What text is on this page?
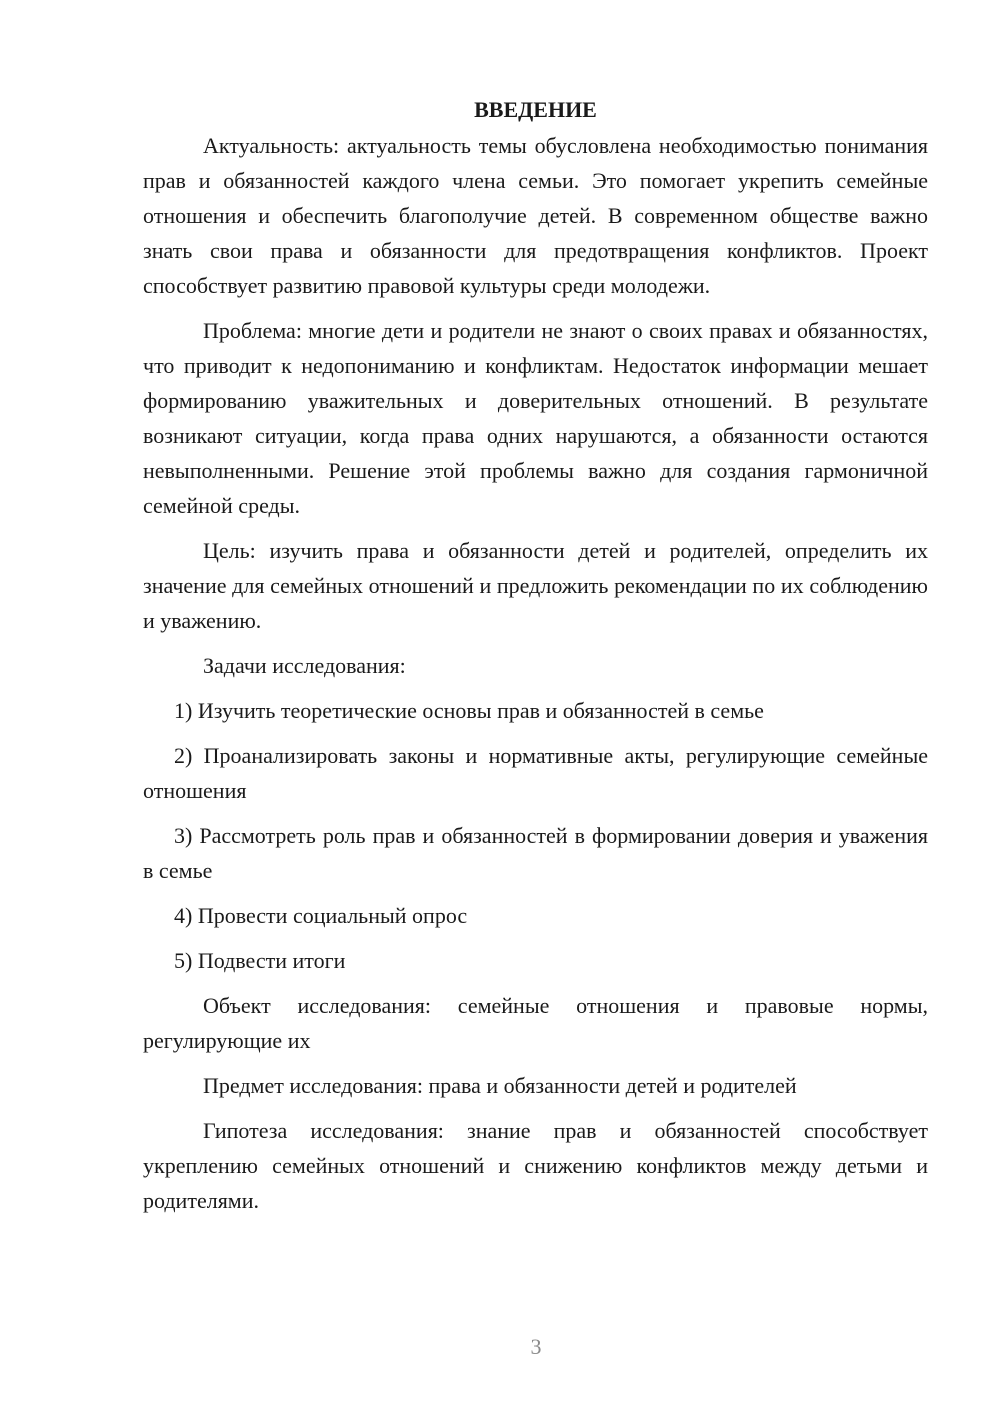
ВВЕДЕНИЕ

Актуальность: актуальность темы обусловлена необходимостью понимания прав и обязанностей каждого члена семьи. Это помогает укрепить семейные отношения и обеспечить благополучие детей. В современном обществе важно знать свои права и обязанности для предотвращения конфликтов. Проект способствует развитию правовой культуры среди молодежи.

Проблема: многие дети и родители не знают о своих правах и обязанностях, что приводит к недопониманию и конфликтам. Недостаток информации мешает формированию уважительных и доверительных отношений. В результате возникают ситуации, когда права одних нарушаются, а обязанности остаются невыполненными. Решение этой проблемы важно для создания гармоничной семейной среды.

Цель: изучить права и обязанности детей и родителей, определить их значение для семейных отношений и предложить рекомендации по их соблюдению и уважению.

Задачи исследования:

1) Изучить теоретические основы прав и обязанностей в семье

2) Проанализировать законы и нормативные акты, регулирующие семейные отношения

3) Рассмотреть роль прав и обязанностей в формировании доверия и уважения в семье

4) Провести социальный опрос

5) Подвести итоги

Объект исследования: семейные отношения и правовые нормы, регулирующие их

Предмет исследования: права и обязанности детей и родителей

Гипотеза исследования: знание прав и обязанностей способствует укреплению семейных отношений и снижению конфликтов между детьми и родителями.

3
